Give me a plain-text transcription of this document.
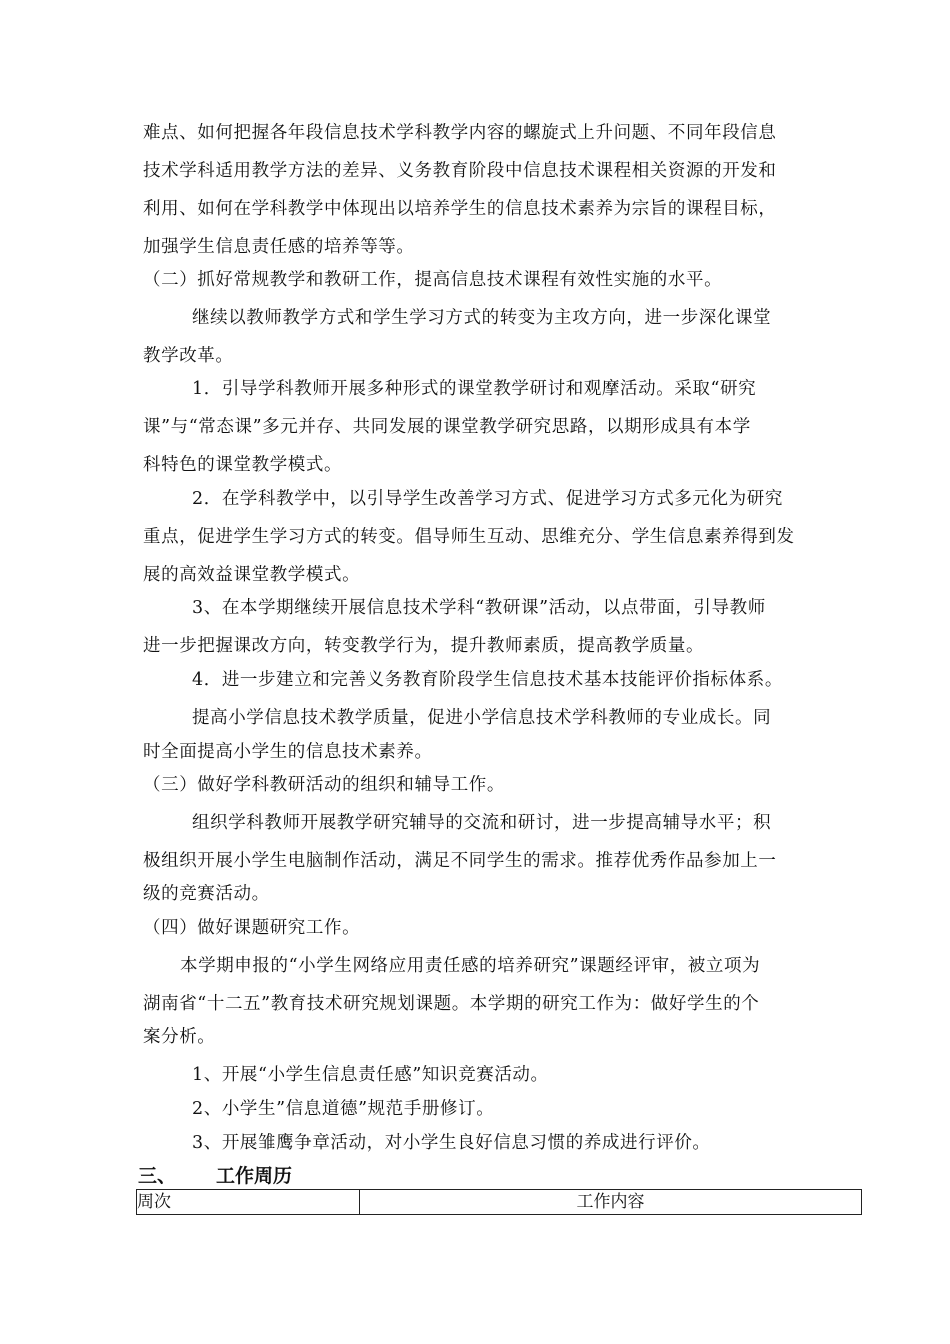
难点、如何把握各年段信息技术学科教学内容的螺旋式上升问题、不同年段信息
技术学科适用教学方法的差异、义务教育阶段中信息技术课程相关资源的开发和
利用、如何在学科教学中体现出以培养学生的信息技术素养为宗旨的课程目标，
加强学生信息责任感的培养等等。
（二）抓好常规教学和教研工作，提高信息技术课程有效性实施的水平。
继续以教师教学方式和学生学习方式的转变为主攻方向，进一步深化课堂
教学改革。
1．引导学科教师开展多种形式的课堂教学研讨和观摩活动。采取“研究
课”与“常态课”多元并存、共同发展的课堂教学研究思路，以期形成具有本学
科特色的课堂教学模式。
2．在学科教学中，以引导学生改善学习方式、促进学习方式多元化为研究
重点，促进学生学习方式的转变。倡导师生互动、思维充分、学生信息素养得到发
展的高效益课堂教学模式。
3、在本学期继续开展信息技术学科“教研课”活动，以点带面，引导教师
进一步把握课改方向，转变教学行为，提升教师素质，提高教学质量。
4．进一步建立和完善义务教育阶段学生信息技术基本技能评价指标体系。
提高小学信息技术教学质量，促进小学信息技术学科教师的专业成长。同
时全面提高小学生的信息技术素养。
（三）做好学科教研活动的组织和辅导工作。
组织学科教师开展教学研究辅导的交流和研讨，进一步提高辅导水平；积
极组织开展小学生电脑制作活动，满足不同学生的需求。推荐优秀作品参加上一
级的竞赛活动。
（四）做好课题研究工作。
本学期申报的“小学生网络应用责任感的培养研究”课题经评审，被立项为
湖南省“十二五”教育技术研究规划课题。本学期的研究工作为：做好学生的个
案分析。
1、开展“小学生信息责任感”知识竞赛活动。
2、小学生”信息道德”规范手册修订。
3、开展雏鹰争章活动，对小学生良好信息习惯的养成进行评价。
三、 工作周历
周次	工作内容
